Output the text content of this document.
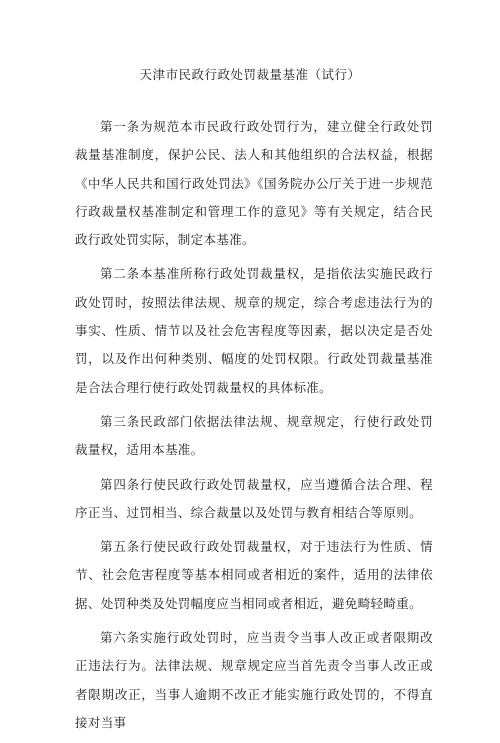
天津市民政行政处罚裁量基准（试行）

第一条为规范本市民政行政处罚行为，建立健全行政处罚裁量基准制度，保护公民、法人和其他组织的合法权益，根据《中华人民共和国行政处罚法》《国务院办公厅关于进一步规范行政裁量权基准制定和管理工作的意见》等有关规定，结合民政行政处罚实际，制定本基准。

第二条本基准所称行政处罚裁量权，是指依法实施民政行政处罚时，按照法律法规、规章的规定，综合考虑违法行为的事实、性质、情节以及社会危害程度等因素，据以决定是否处罚，以及作出何种类别、幅度的处罚权限。行政处罚裁量基准是合法合理行使行政处罚裁量权的具体标准。

第三条民政部门依据法律法规、规章规定，行使行政处罚裁量权，适用本基准。

第四条行使民政行政处罚裁量权，应当遵循合法合理、程序正当、过罚相当、综合裁量以及处罚与教育相结合等原则。

第五条行使民政行政处罚裁量权，对于违法行为性质、情节、社会危害程度等基本相同或者相近的案件，适用的法律依据、处罚种类及处罚幅度应当相同或者相近，避免畸轻畸重。

第六条实施行政处罚时，应当责令当事人改正或者限期改正违法行为。法律法规、规章规定应当首先责令当事人改正或者限期改正，当事人逾期不改正才能实施行政处罚的，不得直接对当事
